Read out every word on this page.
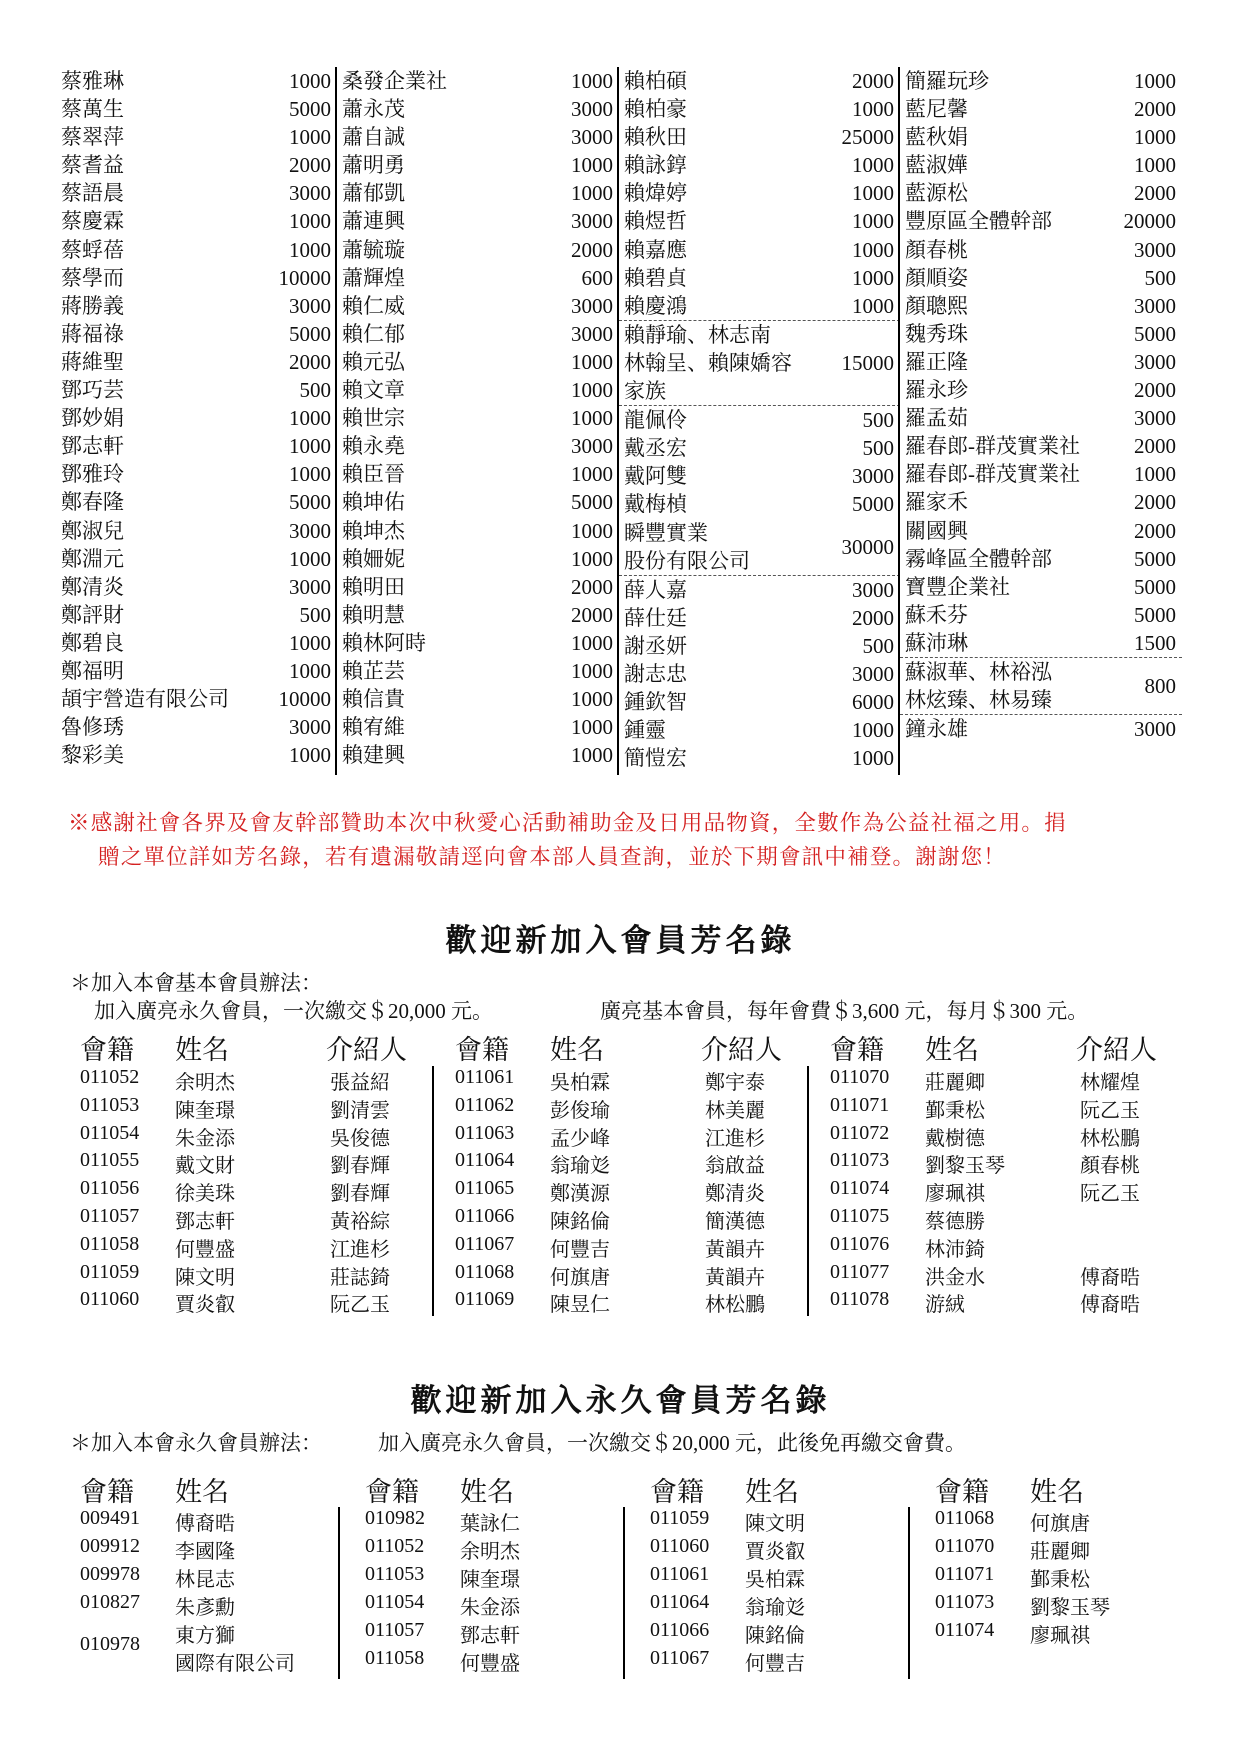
蔡雅琳	1000
蔡萬生	5000
蔡翠萍	1000
蔡耆益	2000
蔡語晨	3000
蔡慶霖	1000
蔡蜉蓓	1000
蔡學而	10000
蔣勝義	3000
蔣福祿	5000
蔣維聖	2000
鄧巧芸	500
鄧妙娟	1000
鄧志軒	1000
鄧雅玲	1000
鄭春隆	5000
鄭淑兒	3000
鄭淵元	1000
鄭清炎	3000
鄭評財	500
鄭碧良	1000
鄭福明	1000
頡宇營造有限公司 10000
魯修琇	3000
黎彩美	1000
桑發企業社	1000
蕭永茂	3000
蕭自誠	3000
蕭明勇	1000
蕭郁凱	1000
蕭連興	3000
蕭毓璇	2000
蕭輝煌	600
賴仁威	3000
賴仁郁	3000
賴元弘	1000
賴文章	1000
賴世宗	1000
賴永堯	3000
賴臣晉	1000
賴坤佑	5000
賴坤杰	1000
賴姍妮	1000
賴明田	2000
賴明慧	2000
賴林阿時	1000
賴芷芸	1000
賴信貴	1000
賴宥維	1000
賴建興	1000
賴柏碩	2000
賴柏豪	1000
賴秋田	25000
賴詠錞	1000
賴煒婷	1000
賴煜哲	1000
賴嘉應	1000
賴碧貞	1000
賴慶鴻	1000
賴靜瑜、林志南
林翰呈、賴陳嬌容 15000
家族
龍佩伶	500
戴丞宏	500
戴阿雙	3000
戴梅楨	5000
瞬豐實業
股份有限公司
30000
薛人嘉	3000
薛仕廷	2000
謝丞妍	500
謝志忠	3000
鍾欽智	6000
鍾靈	1000
簡愷宏	1000
簡羅玩珍	1000
藍尼馨	2000
藍秋娟	1000
藍淑嬅	1000
藍源松	2000
豐原區全體幹部	20000
顏春桃	3000
顏順姿	500
顏聰熙	3000
魏秀珠	5000
羅正隆	3000
羅永珍	2000
羅孟茹	3000
羅春郎-群茂實業社	2000
羅春郎-群茂實業社	1000
羅家禾	2000
關國興	2000
霧峰區全體幹部	5000
寶豐企業社	5000
蘇禾芬	5000
蘇沛琳	1500
蘇淑華、林裕泓
林炫臻、林易臻
800
鐘永雄	3000
※感謝社會各界及會友幹部贊助本次中秋愛心活動補助金及日用品物資，全數作為公益社福之用。捐
贈之單位詳如芳名錄，若有遺漏敬請逕向會本部人員查詢，並於下期會訊中補登。謝謝您！
歡迎新加入會員芳名錄
＊加入本會基本會員辦法：
加入廣亮永久會員，一次繳交＄20,000 元。	廣亮基本會員，每年會費＄3,600 元，每月＄300 元。
會籍 姓名	介紹人
011052 余明杰	張益紹
011053 陳奎璟	劉清雲
011054 朱金添	吳俊德
011055 戴文財	劉春輝
011056 徐美珠	劉春輝
011057 鄧志軒	黃裕綜
011058 何豐盛	江進杉
011059 陳文明	莊誌錡
011060 賈炎叡	阮乙玉
會籍 姓名	介紹人
011061 吳柏霖	鄭宇泰
011062 彭俊瑜	林美麗
011063 孟少峰	江進杉
011064 翁瑜彣	翁啟益
011065 鄭漢源	鄭清炎
011066 陳銘倫	簡漢德
011067 何豐吉	黃韻卉
011068 何旗唐	黃韻卉
011069 陳昱仁	林松鵬
會籍 姓名	介紹人
011070 莊麗卿	林耀煌
011071 鄞秉松	阮乙玉
011072 戴樹德	林松鵬
011073 劉黎玉琴	顏春桃
011074 廖珮祺	阮乙玉
011075 蔡德勝
011076 林沛錡
011077 洪金水	傅裔晧
011078 游絨	傅裔晧
歡迎新加入永久會員芳名錄
＊加入本會永久會員辦法：	加入廣亮永久會員，一次繳交＄20,000 元，此後免再繳交會費。
會籍 姓名
009491 傅裔晧
009912 李國隆
009978 林昆志
010827 朱彥勳
010978 東方獅
國際有限公司
會籍 姓名
010982 葉詠仁
011052 余明杰
011053 陳奎璟
011054 朱金添
011057 鄧志軒
011058 何豐盛
會籍 姓名
011059 陳文明
011060 賈炎叡
011061 吳柏霖
011064 翁瑜彣
011066 陳銘倫
011067 何豐吉
會籍 姓名
011068 何旗唐
011070 莊麗卿
011071 鄞秉松
011073 劉黎玉琴
011074 廖珮祺
